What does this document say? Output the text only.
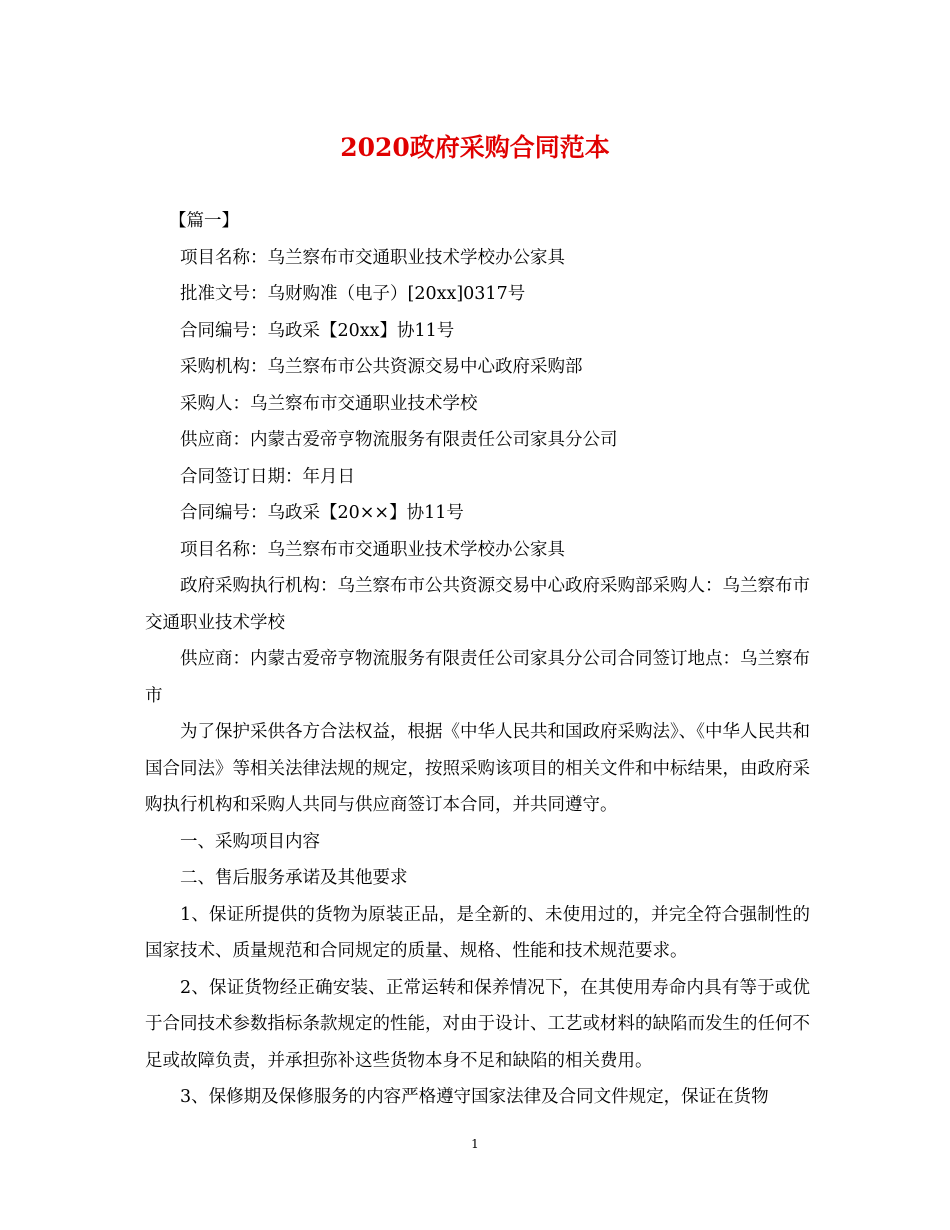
2020政府采购合同范本

【篇一】

项目名称：乌兰察布市交通职业技术学校办公家具

批准文号：乌财购准（电子）[20xx]0317号

合同编号：乌政采【20xx】协11号

采购机构：乌兰察布市公共资源交易中心政府采购部

采购人：乌兰察布市交通职业技术学校

供应商：内蒙古爱帝亨物流服务有限责任公司家具分公司

合同签订日期：年月日

合同编号：乌政采【20××】协11号

项目名称：乌兰察布市交通职业技术学校办公家具

政府采购执行机构：乌兰察布市公共资源交易中心政府采购部采购人：乌兰察布市交通职业技术学校

供应商：内蒙古爱帝亨物流服务有限责任公司家具分公司合同签订地点：乌兰察布市

为了保护采供各方合法权益，根据《中华人民共和国政府采购法》、《中华人民共和国合同法》等相关法律法规的规定，按照采购该项目的相关文件和中标结果，由政府采购执行机构和采购人共同与供应商签订本合同，并共同遵守。

一、采购项目内容

二、售后服务承诺及其他要求

1、保证所提供的货物为原装正品，是全新的、未使用过的，并完全符合强制性的国家技术、质量规范和合同规定的质量、规格、性能和技术规范要求。

2、保证货物经正确安装、正常运转和保养情况下，在其使用寿命内具有等于或优于合同技术参数指标条款规定的性能，对由于设计、工艺或材料的缺陷而发生的任何不足或故障负责，并承担弥补这些货物本身不足和缺陷的相关费用。

3、保修期及保修服务的内容严格遵守国家法律及合同文件规定，保证在货物

1
